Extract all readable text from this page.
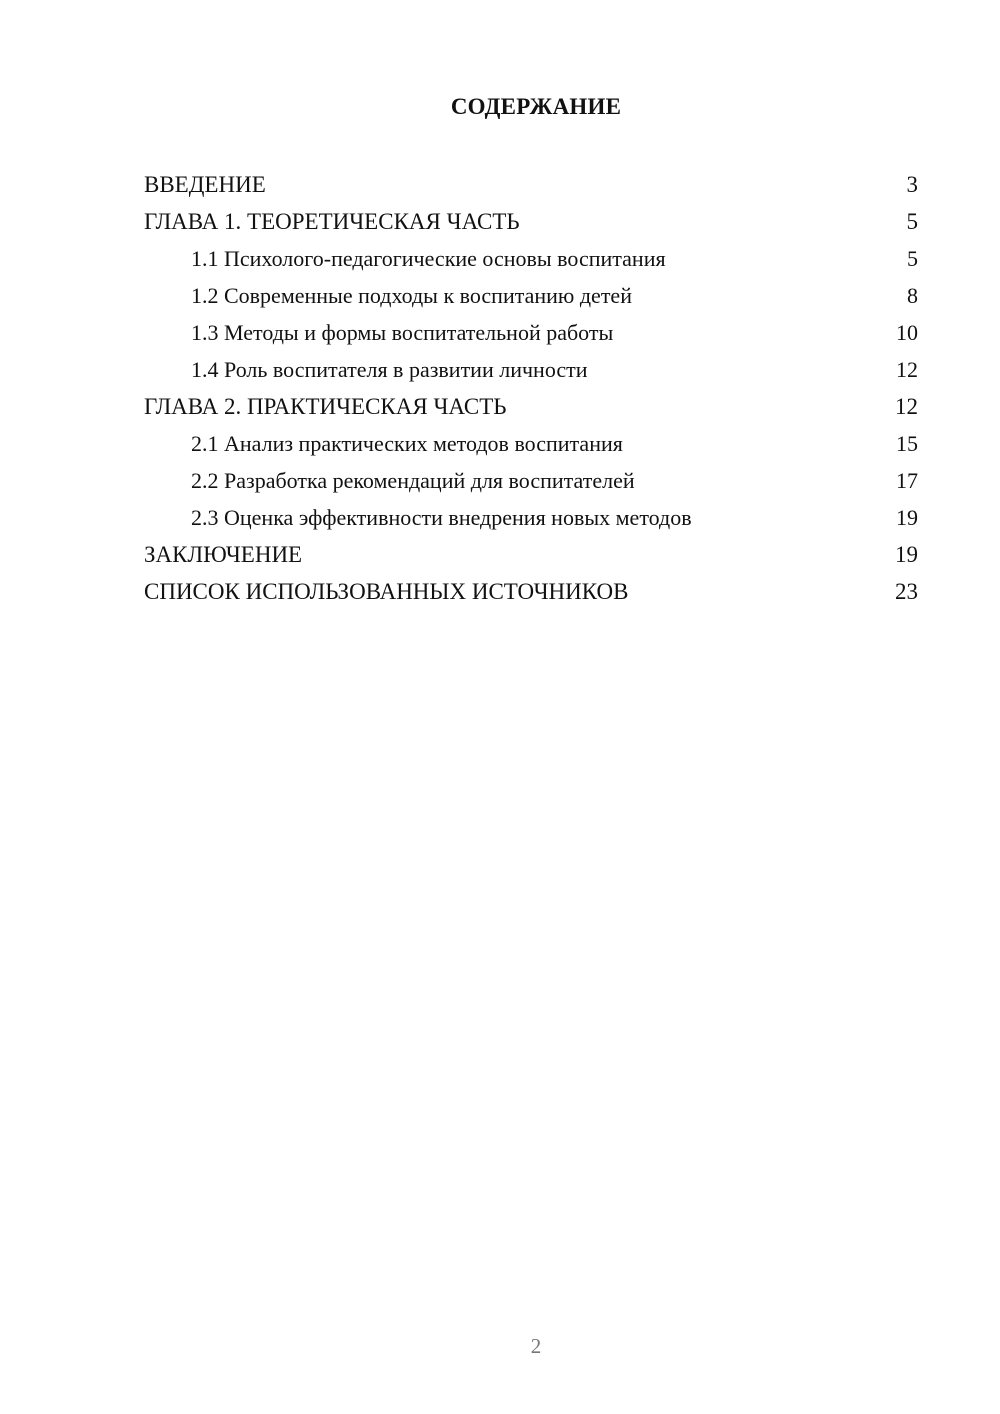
СОДЕРЖАНИЕ
ВВЕДЕНИЕ	3
ГЛАВА 1. ТЕОРЕТИЧЕСКАЯ ЧАСТЬ	5
1.1 Психолого-педагогические основы воспитания	5
1.2 Современные подходы к воспитанию детей	8
1.3 Методы и формы воспитательной работы	10
1.4 Роль воспитателя в развитии личности	12
ГЛАВА 2. ПРАКТИЧЕСКАЯ ЧАСТЬ	12
2.1 Анализ практических методов воспитания	15
2.2 Разработка рекомендаций для воспитателей	17
2.3 Оценка эффективности внедрения новых методов	19
ЗАКЛЮЧЕНИЕ	19
СПИСОК ИСПОЛЬЗОВАННЫХ ИСТОЧНИКОВ	23
2
